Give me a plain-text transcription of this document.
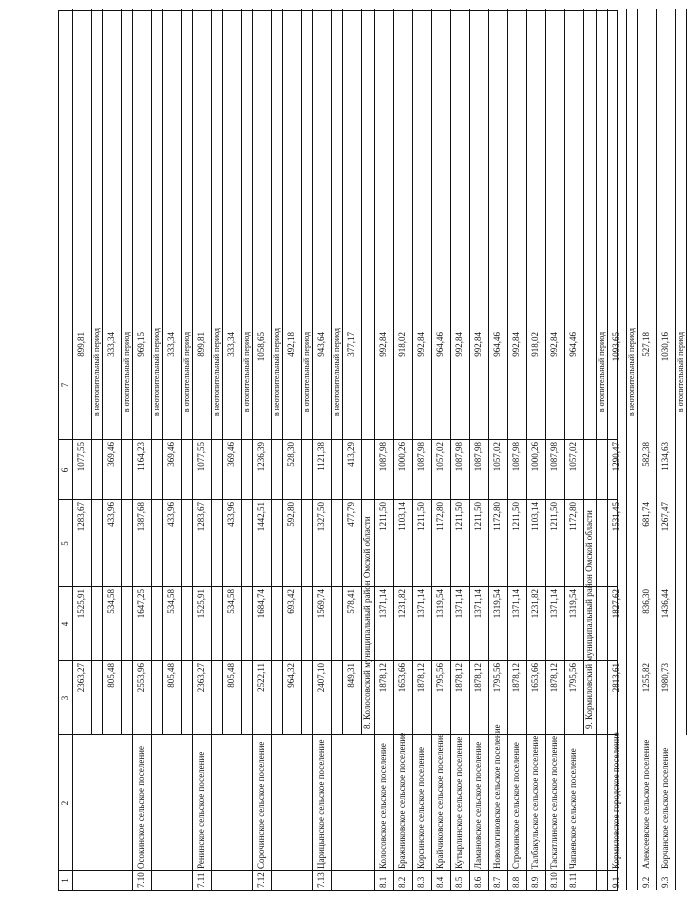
1
2
3
4
5
6
7
2363,27
1525,91
1283,67
1077,55
899,81 в неотопительный период
805,48
534,58
433,96
369,46
333,34 в отопительный период
7.10
Осокинское сельское поселение
2553,96
1647,25
1387,68
1164,23
969,15 в неотопительный период
805,48
534,58
433,96
369,46
333,34 в отопительный период
7.11
Ренинское сельское поселение
2363,27
1525,91
1283,67
1077,55
899,81 в неотопительный период
805,48
534,58
433,96
369,46
333,34 в отопительный период
7.12
Сорочинское сельское поселение
2522,11
1684,74
1442,51
1236,39
1058,65 в неотопительный период
964,32
693,42
592,80
528,30
492,18 в отопительный период
7.13
Царицынское сельское поселение
2407,10
1569,74
1327,50
1121,38
943,64 в неотопительный период
849,31
578,41
477,79
413,29
377,17
8. Колосовский муниципальный район Омской области
8.1
Колосовское сельское поселение
1878,12
1371,14
1211,50
1087,98
992,84
8.2
Бражниковское сельское поселение
1653,66
1231,82
1103,14
1000,26
918,02
8.3
Корсинское сельское поселение
1878,12
1371,14
1211,50
1087,98
992,84
8.4
Крайчиковское сельское поселение
1795,56
1319,54
1172,80
1057,02
964,46
8.5
Кутырлинское сельское поселение
1878,12
1371,14
1211,50
1087,98
992,84
8.6
Ламановское сельское поселение
1878,12
1371,14
1211,50
1087,98
992,84
8.7
Новологиновское сельское поселение
1795,56
1319,54
1172,80
1057,02
964,46
8.8
Строкинское сельское поселение
1878,12
1371,14
1211,50
1087,98
992,84
8.9
Талбакульское сельское поселение
1653,66
1231,82
1103,14
1000,26
918,02
8.10
Таскатлинское сельское поселение
1878,12
1371,14
1211,50
1087,98
992,84
8.11
Чапаевское сельское поселение
1795,56
1319,54
1172,80
1057,02
964,46
9. Кормиловский муниципальный район Омской области
в отопительный период
9.1
Кормиловское городское поселение
2813,61
1827,62
1531,45
1290,47
1093,65 в неотопительный период
9.2
Алексеевское сельское поселение
1255,82
836,30
681,74
582,38
527,18
9.3
Борчанское сельское поселение
1980,73
1436,44
1267,47
1134,63
1030,16 в отопительный период
